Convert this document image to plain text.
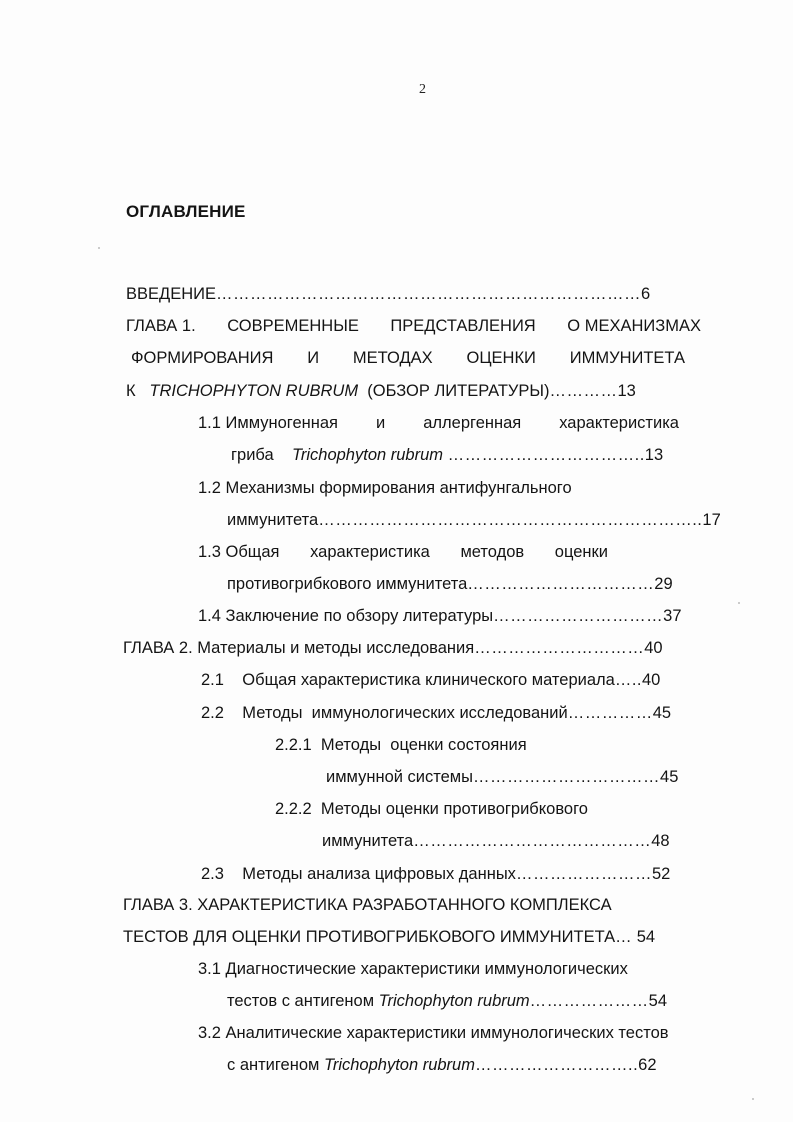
2
ОГЛАВЛЕНИЕ
ВВЕДЕНИЕ…………………………………………………………………6
ГЛАВА 1. СОВРЕМЕННЫЕ ПРЕДСТАВЛЕНИЯ О МЕХАНИЗМАХ
ФОРМИРОВАНИЯ И МЕТОДАХ ОЦЕНКИ ИММУНИТЕТА
К TRICHOPHYTON RUBRUM (ОБЗОР ЛИТЕРАТУРЫ)…………13
1.1 Иммуногенная и аллергенная характеристика
гриба Trichophyton rubrum ……………………………..13
1.2 Механизмы формирования антифунгального
иммунитета…………………………………………………………..17
1.3 Общая характеристика методов оценки
противогрибкового иммунитета……………………………29
1.4 Заключение по обзору литературы…………………………37
ГЛАВА 2. Материалы и методы исследования…………………………40
2.1 Общая характеристика клинического материала…..40
2.2 Методы  иммунологических исследований……………45
2.2.1 Методы  оценки состояния
иммунной системы……………………………45
2.2.2 Методы оценки противогрибкового
иммунитета……………………………………48
2.3 Методы анализа цифровых данных……………………52
ГЛАВА 3. ХАРАКТЕРИСТИКА РАЗРАБОТАННОГО КОМПЛЕКСА
ТЕСТОВ ДЛЯ ОЦЕНКИ ПРОТИВОГРИБКОВОГО ИММУНИТЕТА… 54
3.1 Диагностические характеристики иммунологических
тестов с антигеном Trichophyton rubrum…………………54
3.2 Аналитические характеристики иммунологических тестов
с антигеном Trichophyton rubrum………………………..62
